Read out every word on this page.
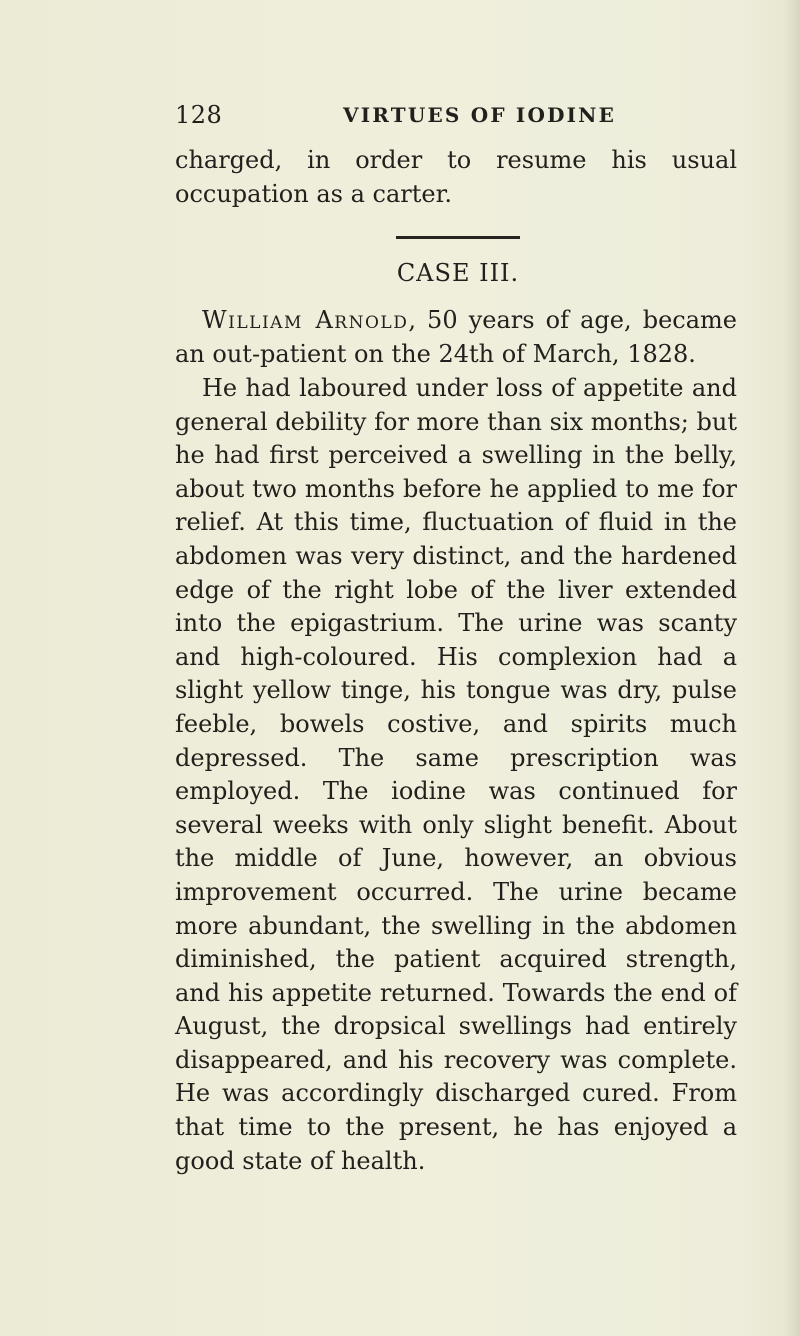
128	VIRTUES OF IODINE
charged, in order to resume his usual occupation as a carter.
CASE III.
William Arnold, 50 years of age, became an out-patient on the 24th of March, 1828.
He had laboured under loss of appetite and general debility for more than six months; but he had first perceived a swelling in the belly, about two months before he applied to me for relief. At this time, fluctuation of fluid in the abdomen was very distinct, and the hardened edge of the right lobe of the liver extended into the epigastrium. The urine was scanty and high-coloured. His complexion had a slight yellow tinge, his tongue was dry, pulse feeble, bowels costive, and spirits much depressed. The same prescription was employed. The iodine was continued for several weeks with only slight benefit. About the middle of June, however, an obvious improvement occurred. The urine became more abundant, the swelling in the abdomen diminished, the patient acquired strength, and his appetite returned. Towards the end of August, the dropsical swellings had entirely disappeared, and his recovery was complete. He was accordingly discharged cured. From that time to the present, he has enjoyed a good state of health.
